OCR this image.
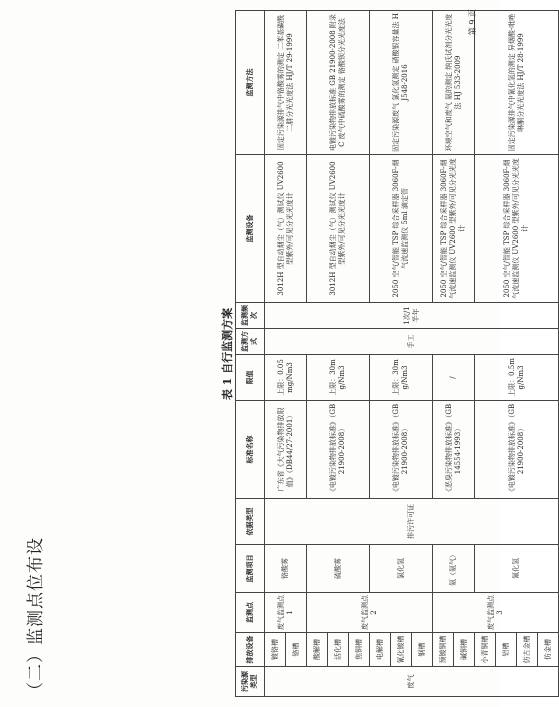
（二）监测点位布设
表 1 自行监测方案
污染源类型	排放设备	监测点	监测项目	依据类型	标准名称	限值	监测方式	监测频次	监测设备	监测方法
废气	镀铬槽	废气监测点1	铬酸雾	排污许可证	广东省《大气污染物排放限值》（DB44/27-2001）	上限：0.05mg/Nm3	手工	1次/1半年	3012H 型自动烟尘（气）测试仪 UV2600 型紫外/可见分光光度计	固定污染源排气中铬酸雾的测定 二苯基碳酰二肼分光光度法 HJ/T 29-1999
	铬槽									
	酸解槽	废气监测点2	硫酸雾		《电镀污染物排放标准》（GB 21900-2008）	上限：30mg/Nm3			3012H 型自动烟尘（气）测试仪 UV2600 型紫外/可见分光光度计	电镀污染物排放标准 GB 21900-2008 附录 C 废气中硫酸雾的测定 铬酸钡分光光度法
	活化槽									
	焦铜槽									
	电解槽		氯化氢		《电镀污染物排放标准》（GB 21900-2008）	上限：30mg/Nm3			2050 空气/智能 TSP 综合采样器 3060F-烟气流速监测仪 5ml 滴定管	固定污染源废气 氯化氢测定 硝酸银容量法 HJ548-2016
	氰化镀槽									
	钢槽									
	预镀铜槽	废气监测点3	氨（氨气）		《恶臭污染物排放标准》（GB14554-1993）	/			2050 空气/智能 TSP 综合采样器 3060F-烟气流速监测仪 UV2600 型紫外/可见分光光度计	环境空气和废气 氨的测定 纳氏试剂分光光度法 HJ 533-2009
	碱铜槽									
	小青铜槽		氰化氢		《电镀污染物排放标准》（GB 21900-2008）	上限：0.5mg/Nm3			2050 空气/智能 TSP 综合采样器 3060F-烟气流速监测仪 UV2600 型紫外/可见分光光度计	固定污染源排气中氰化氢的测定 异烟酸-吡唑啉酮分光光度法 HJ/T 28-1999
	铝槽									
	仿古金槽									
	仿金槽									
第 9 页
